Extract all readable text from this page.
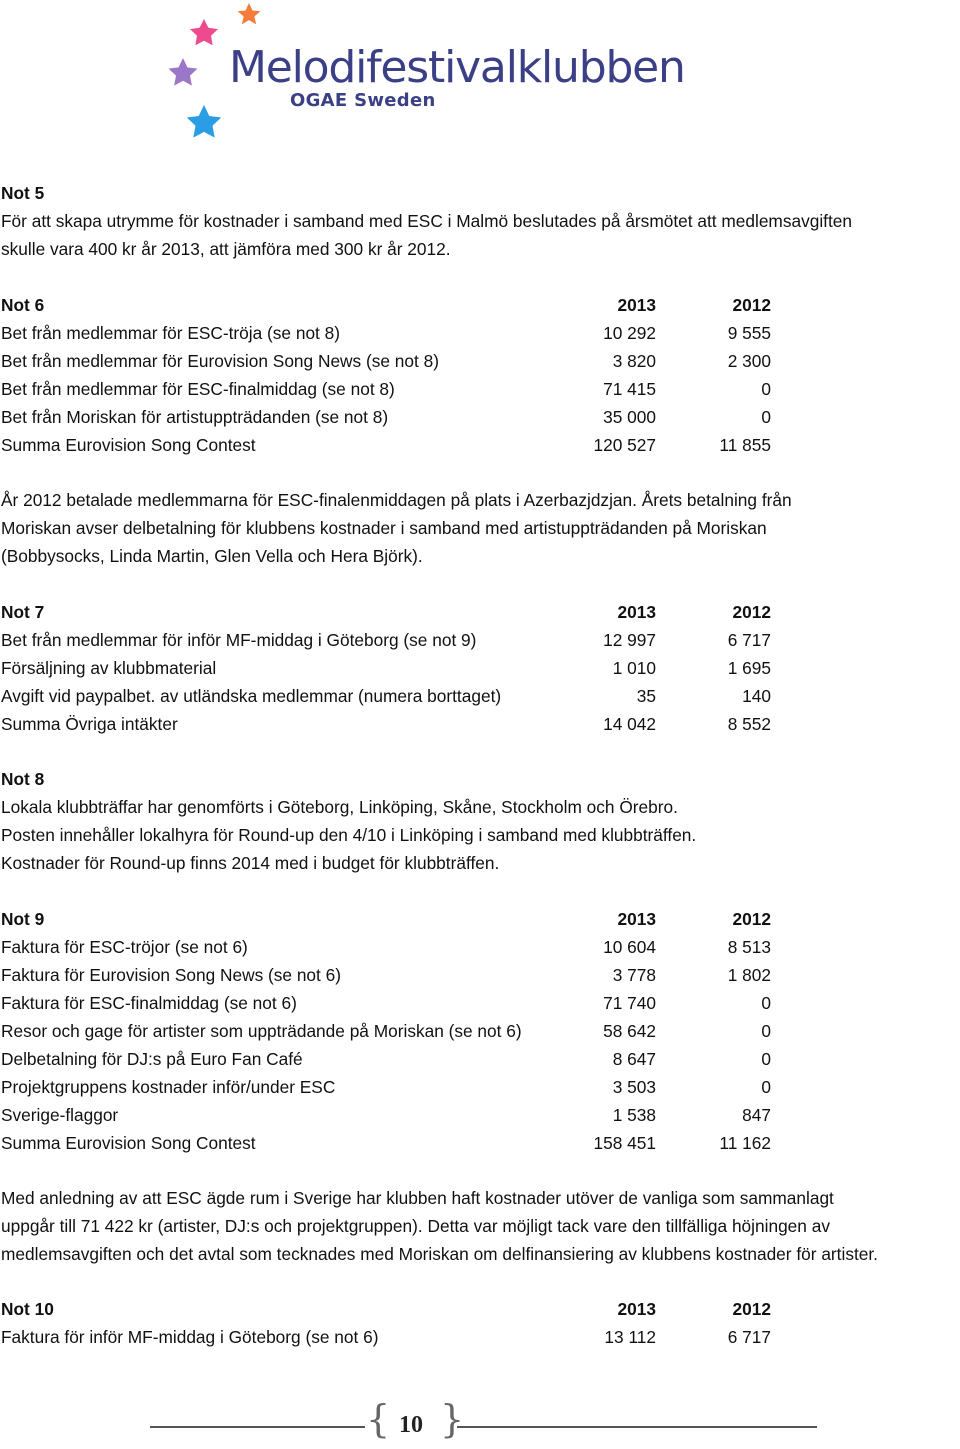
Melodifestivalklubben
OGAE Sweden
Not 5
För att skapa utrymme för kostnader i samband med ESC i Malmö beslutades på årsmötet att medlemsavgiften
skulle vara 400 kr år 2013, att jämföra med 300 kr år 2012.
Not 6	2013	2012
Bet från medlemmar för ESC-tröja (se not 8)	10 292	9 555
Bet från medlemmar för Eurovision Song News (se not 8)	3 820	2 300
Bet från medlemmar för ESC-finalmiddag (se not 8)	71 415	0
Bet från Moriskan för artistuppträdanden (se not 8)	35 000	0
Summa Eurovision Song Contest	120 527	11 855
År 2012 betalade medlemmarna för ESC-finalenmiddagen på plats i Azerbazjdzjan. Årets betalning från
Moriskan avser delbetalning för klubbens kostnader i samband med artistuppträdanden på Moriskan
(Bobbysocks, Linda Martin, Glen Vella och Hera Björk).
Not 7	2013	2012
Bet från medlemmar för inför MF-middag i Göteborg (se not 9)	12 997	6 717
Försäljning av klubbmaterial	1 010	1 695
Avgift vid paypalbet. av utländska medlemmar (numera borttaget)	35	140
Summa Övriga intäkter	14 042	8 552
Not 8
Lokala klubbträffar har genomförts i Göteborg, Linköping, Skåne, Stockholm och Örebro.
Posten innehåller lokalhyra för Round-up den 4/10 i Linköping i samband med klubbträffen.
Kostnader för Round-up finns 2014 med i budget för klubbträffen.
Not 9	2013	2012
Faktura för ESC-tröjor (se not 6)	10 604	8 513
Faktura för Eurovision Song News (se not 6)	3 778	1 802
Faktura för ESC-finalmiddag (se not 6)	71 740	0
Resor och gage för artister som uppträdande på Moriskan (se not 6)	58 642	0
Delbetalning för DJ:s på Euro Fan Café	8 647	0
Projektgruppens kostnader inför/under ESC	3 503	0
Sverige-flaggor	1 538	847
Summa Eurovision Song Contest	158 451	11 162
Med anledning av att ESC ägde rum i Sverige har klubben haft kostnader utöver de vanliga som sammanlagt
uppgår till 71 422 kr (artister, DJ:s och projektgruppen). Detta var möjligt tack vare den tillfälliga höjningen av
medlemsavgiften och det avtal som tecknades med Moriskan om delfinansiering av klubbens kostnader för artister.
Not 10	2013	2012
Faktura för inför MF-middag i Göteborg (se not 6)	13 112	6 717
{ }
10
